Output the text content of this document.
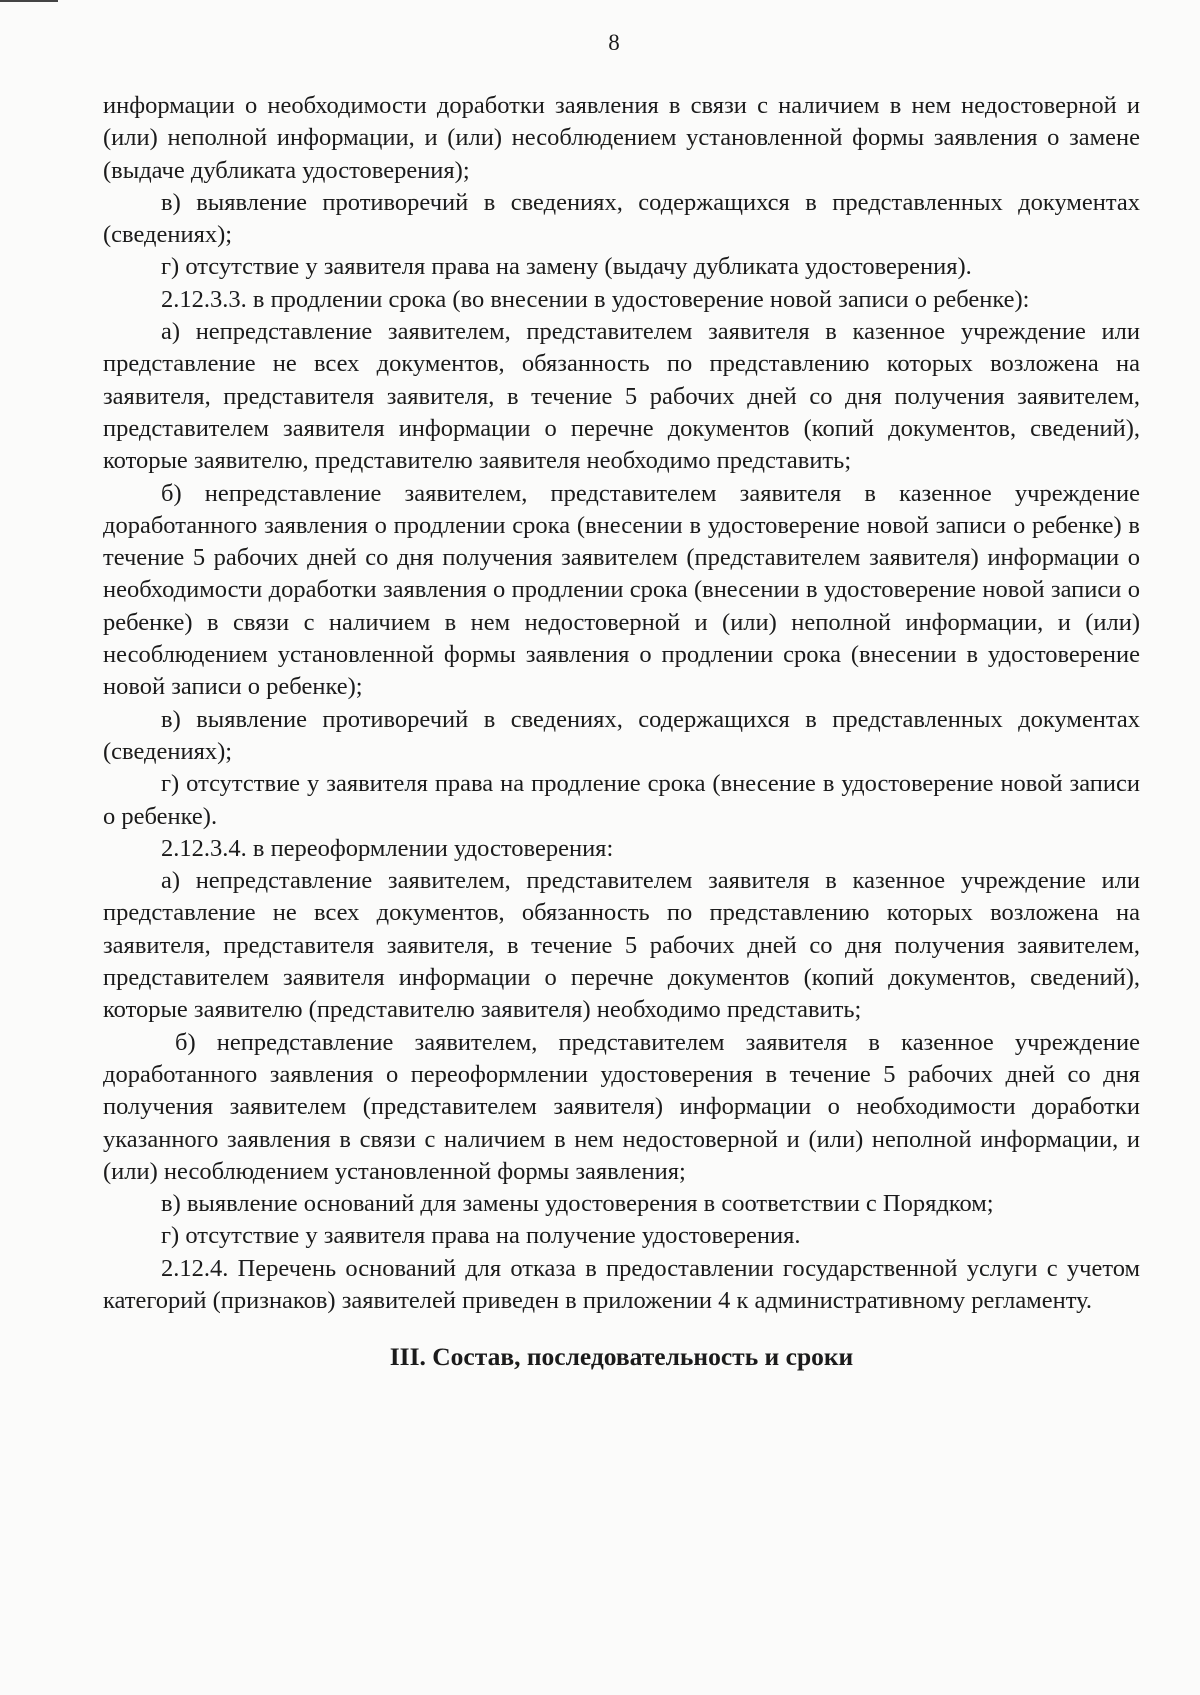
8

информации о необходимости доработки заявления в связи с наличием в нем недостоверной и (или) неполной информации, и (или) несоблюдением установленной формы заявления о замене (выдаче дубликата удостоверения);

в) выявление противоречий в сведениях, содержащихся в представленных документах (сведениях);

г) отсутствие у заявителя права на замену (выдачу дубликата удостоверения).

2.12.3.3. в продлении срока (во внесении в удостоверение новой записи о ребенке):

а) непредставление заявителем, представителем заявителя в казенное учреждение или представление не всех документов, обязанность по представлению которых возложена на заявителя, представителя заявителя, в течение 5 рабочих дней со дня получения заявителем, представителем заявителя информации о перечне документов (копий документов, сведений), которые заявителю, представителю заявителя необходимо представить;

б) непредставление заявителем, представителем заявителя в казенное учреждение доработанного заявления о продлении срока (внесении в удостоверение новой записи о ребенке) в течение 5 рабочих дней со дня получения заявителем (представителем заявителя) информации о необходимости доработки заявления о продлении срока (внесении в удостоверение новой записи о ребенке) в связи с наличием в нем недостоверной и (или) неполной информации, и (или) несоблюдением установленной формы заявления о продлении срока (внесении в удостоверение новой записи о ребенке);

в) выявление противоречий в сведениях, содержащихся в представленных документах (сведениях);

г) отсутствие у заявителя права на продление срока (внесение в удостоверение новой записи о ребенке).

2.12.3.4. в переоформлении удостоверения:

а) непредставление заявителем, представителем заявителя в казенное учреждение или представление не всех документов, обязанность по представлению которых возложена на заявителя, представителя заявителя, в течение 5 рабочих дней со дня получения заявителем, представителем заявителя информации о перечне документов (копий документов, сведений), которые заявителю (представителю заявителя) необходимо представить;

б) непредставление заявителем, представителем заявителя в казенное учреждение доработанного заявления о переоформлении удостоверения в течение 5 рабочих дней со дня получения заявителем (представителем заявителя) информации о необходимости доработки указанного заявления в связи с наличием в нем недостоверной и (или) неполной информации, и (или) несоблюдением установленной формы заявления;

в) выявление оснований для замены удостоверения в соответствии с Порядком;

г) отсутствие у заявителя права на получение удостоверения.

2.12.4. Перечень оснований для отказа в предоставлении государственной услуги с учетом категорий (признаков) заявителей приведен в приложении 4 к административному регламенту.

III. Состав, последовательность и сроки
